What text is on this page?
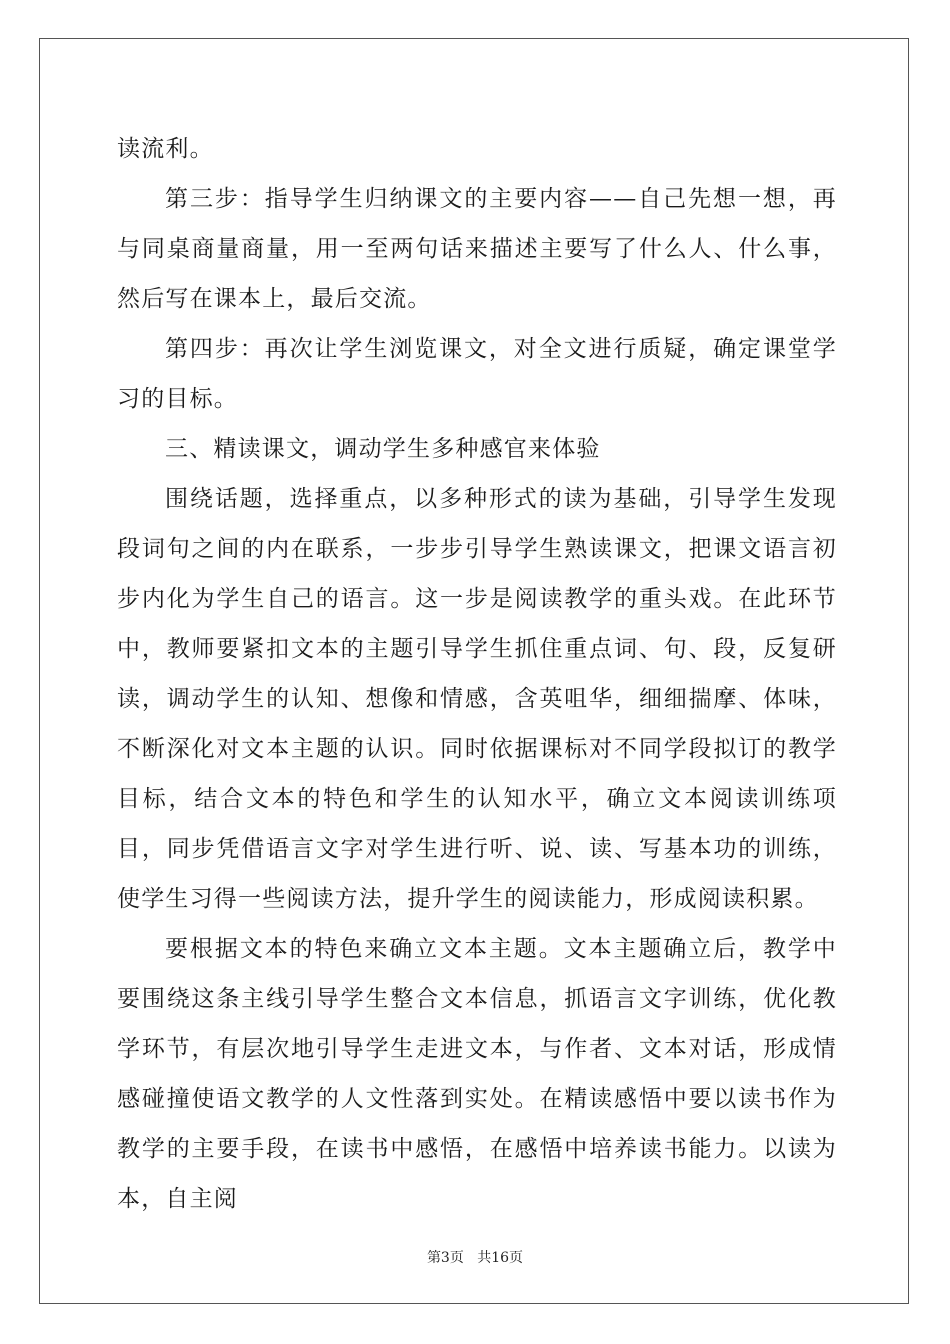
读流利。

第三步：指导学生归纳课文的主要内容——自己先想一想，再与同桌商量商量，用一至两句话来描述主要写了什么人、什么事，然后写在课本上，最后交流。

第四步：再次让学生浏览课文，对全文进行质疑，确定课堂学习的目标。

三、精读课文，调动学生多种感官来体验

围绕话题，选择重点，以多种形式的读为基础，引导学生发现段词句之间的内在联系，一步步引导学生熟读课文，把课文语言初步内化为学生自己的语言。这一步是阅读教学的重头戏。在此环节中，教师要紧扣文本的主题引导学生抓住重点词、句、段，反复研读，调动学生的认知、想像和情感，含英咀华，细细揣摩、体味，不断深化对文本主题的认识。同时依据课标对不同学段拟订的教学目标，结合文本的特色和学生的认知水平，确立文本阅读训练项目，同步凭借语言文字对学生进行听、说、读、写基本功的训练，使学生习得一些阅读方法，提升学生的阅读能力，形成阅读积累。

要根据文本的特色来确立文本主题。文本主题确立后，教学中要围绕这条主线引导学生整合文本信息，抓语言文字训练，优化教学环节，有层次地引导学生走进文本，与作者、文本对话，形成情感碰撞使语文教学的人文性落到实处。在精读感悟中要以读书作为教学的主要手段，在读书中感悟，在感悟中培养读书能力。以读为本，自主阅

第3页 共16页
